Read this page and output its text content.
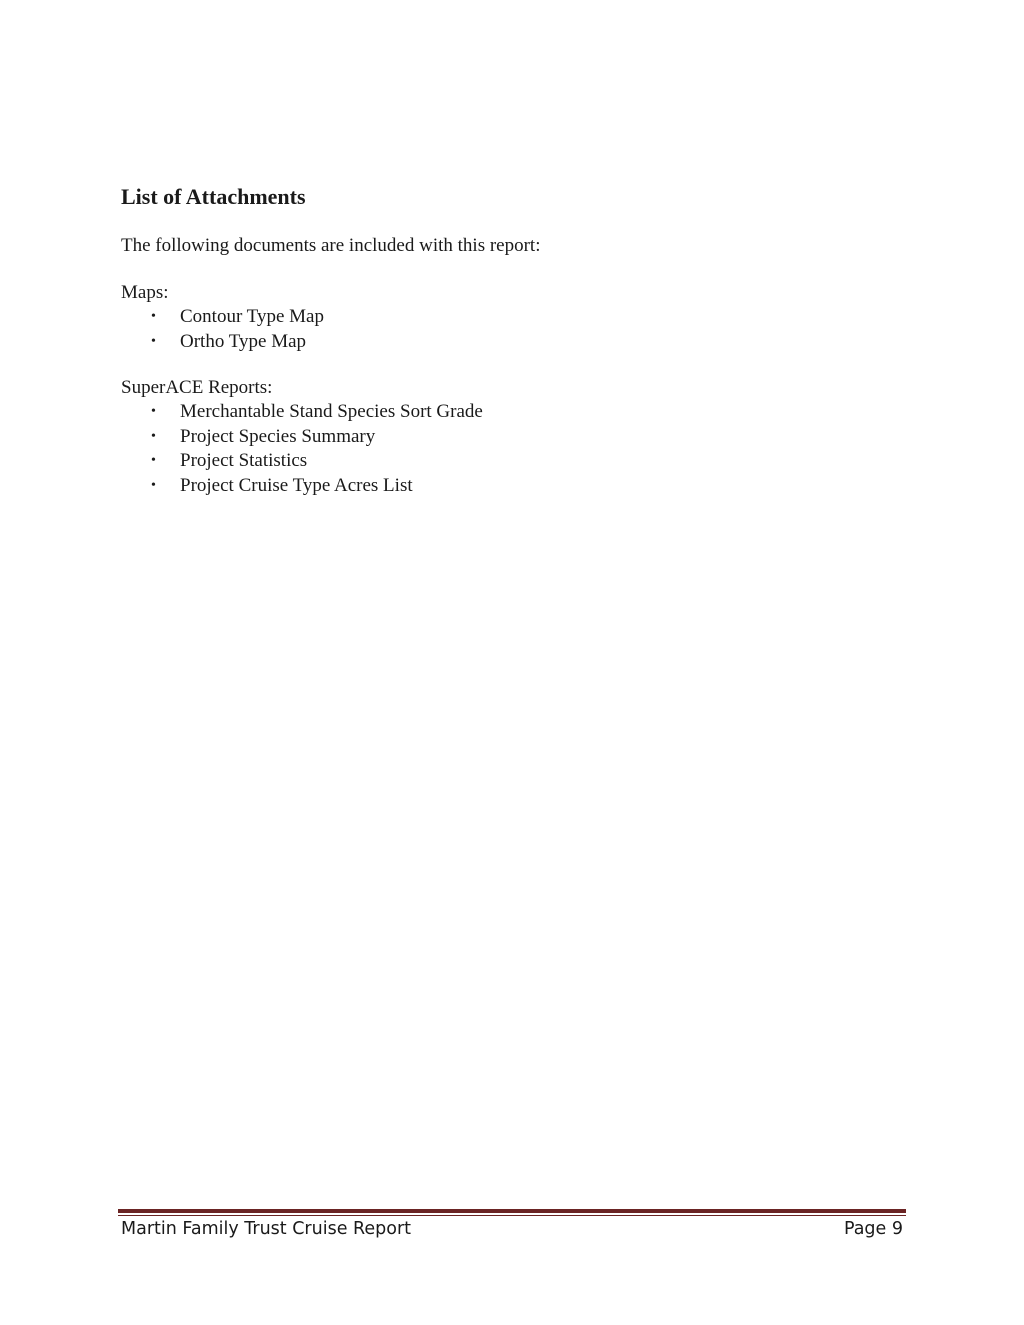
List of Attachments

The following documents are included with this report:

Maps:

• Contour Type Map
• Ortho Type Map

SuperACE Reports:

• Merchantable Stand Species Sort Grade
• Project Species Summary
• Project Statistics
• Project Cruise Type Acres List

Martin Family Trust Cruise Report	Page 9
